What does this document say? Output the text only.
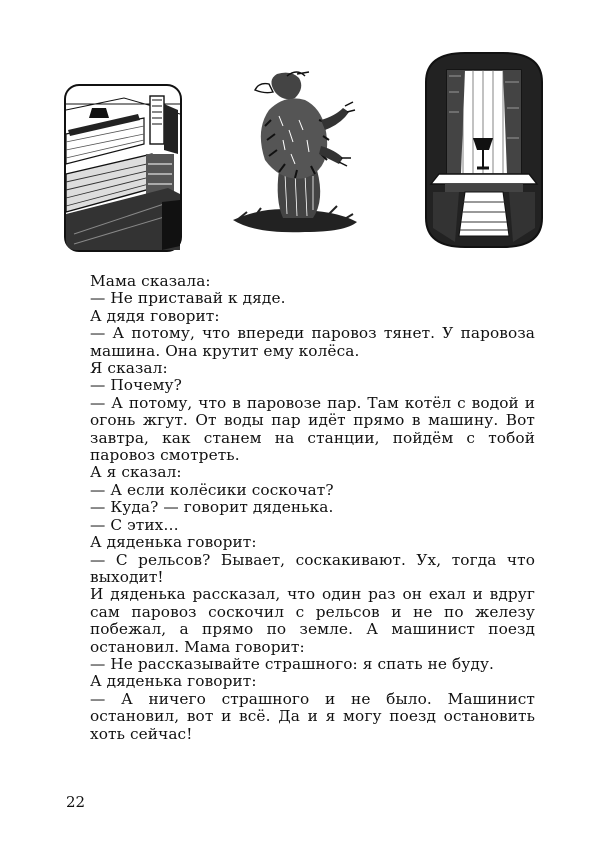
Мама сказала:

— Не приставай к дяде.

А дядя говорит:

— А потому, что впереди паровоз тянет. У паровоза машина. Она крутит ему колёса.

Я сказал:

— Почему?

— А потому, что в паровозе пар. Там котёл с водой и огонь жгут. От воды пар идёт прямо в машину. Вот завтра, как станем на станции, пойдём с тобой паровоз смотреть.

А я сказал:

— А если колёсики соскочат?

— Куда? — говорит дяденька.

— С этих…

А дяденька говорит:

— С рельсов? Бывает, соскакивают. Ух, тогда что выходит!

И дяденька рассказал, что один раз он ехал и вдруг сам паровоз соскочил с рельсов и не по железу побежал, а прямо по земле. А машинист поезд остановил. Мама говорит:

— Не рассказывайте страшного: я спать не буду.

А дяденька говорит:

— А ничего страшного и не было. Машинист остановил, вот и всё. Да и я могу поезд остановить хоть сейчас!

22
